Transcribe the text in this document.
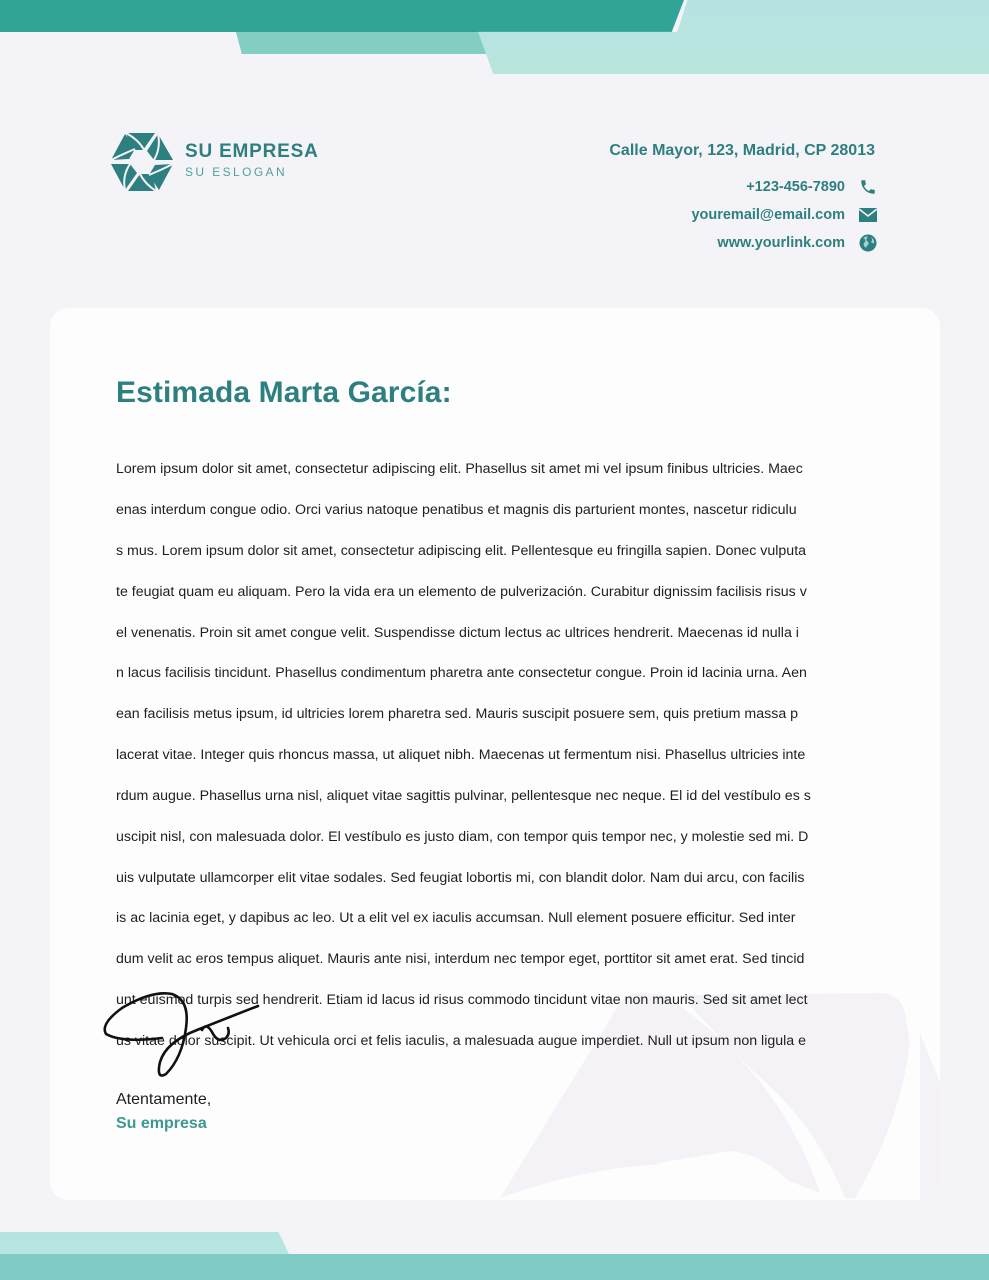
SU EMPRESA
SU ESLOGAN
Calle Mayor, 123, Madrid, CP 28013
+123-456-7890
youremail@email.com
www.yourlink.com
Estimada Marta García:

Lorem ipsum dolor sit amet, consectetur adipiscing elit. Phasellus sit amet mi vel ipsum finibus ultricies. Maec

enas interdum congue odio. Orci varius natoque penatibus et magnis dis parturient montes, nascetur ridiculu

s mus. Lorem ipsum dolor sit amet, consectetur adipiscing elit. Pellentesque eu fringilla sapien. Donec vulputa

te feugiat quam eu aliquam. Pero la vida era un elemento de pulverización. Curabitur dignissim facilisis risus v

el venenatis. Proin sit amet congue velit. Suspendisse dictum lectus ac ultrices hendrerit. Maecenas id nulla i

n lacus facilisis tincidunt. Phasellus condimentum pharetra ante consectetur congue. Proin id lacinia urna. Aen

ean facilisis metus ipsum, id ultricies lorem pharetra sed. Mauris suscipit posuere sem, quis pretium massa p

lacerat vitae. Integer quis rhoncus massa, ut aliquet nibh. Maecenas ut fermentum nisi. Phasellus ultricies inte

rdum augue. Phasellus urna nisl, aliquet vitae sagittis pulvinar, pellentesque nec neque. El id del vestíbulo es s

uscipit nisl, con malesuada dolor. El vestíbulo es justo diam, con tempor quis tempor nec, y molestie sed mi. D

uis vulputate ullamcorper elit vitae sodales. Sed feugiat lobortis mi, con blandit dolor. Nam dui arcu, con facilis

is ac lacinia eget, y dapibus ac leo. Ut a elit vel ex iaculis accumsan. Null element posuere efficitur. Sed inter

dum velit ac eros tempus aliquet. Mauris ante nisi, interdum nec tempor eget, porttitor sit amet erat. Sed tincid

unt euismod turpis sed hendrerit. Etiam id lacus id risus commodo tincidunt vitae non mauris. Sed sit amet lect

us vitae dolor suscipit. Ut vehicula orci et felis iaculis, a malesuada augue imperdiet. Null ut ipsum non ligula e

Atentamente,
Su empresa
